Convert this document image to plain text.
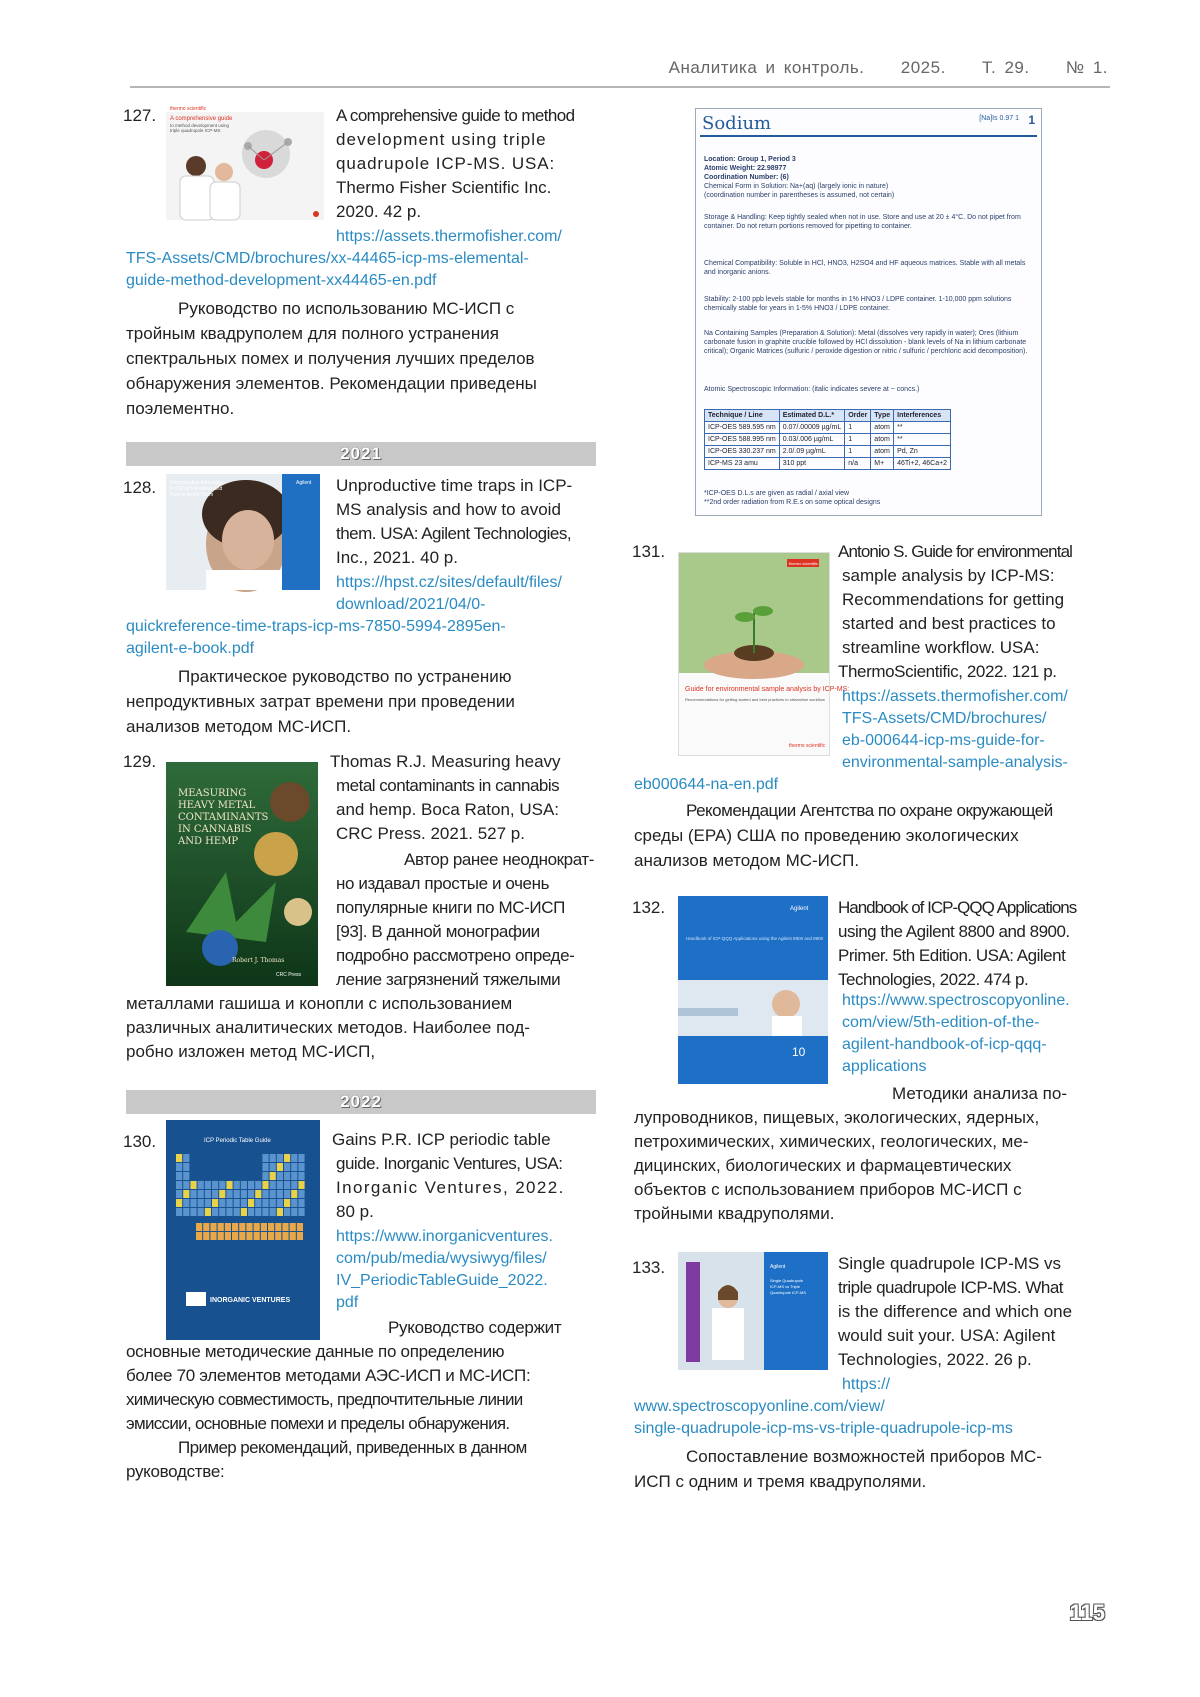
Аналитика и контроль. 2025. Т. 29. № 1.
127.	thermo scientific
A comprehensive guide
to method development using
triple quadrupole ICP-MS
A comprehensive guide to method
development using triple
quadrupole ICP-MS. USA:
Thermo Fisher Scientific Inc.
2020. 42 p.
https://assets.thermofisher.com/
TFS-Assets/CMD/brochures/xx-44465-icp-ms-elemental-
guide-method-development-xx44465-en.pdf
Руководство по использованию МС-ИСП с
тройным квадруполем для полного устранения
спектральных помех и получения лучших пределов
обнаружения элементов. Рекомендации приведены
поэлементно.
2021
128.	Unproductive time traps
in ICP-MS Analysis and
How to Avoid Them
Agilent Unproductive time traps in ICP-
MS analysis and how to avoid
them. USA: Agilent Technologies,
Inc., 2021. 40 p.
https://hpst.cz/sites/default/files/
download/2021/04/0-
quickreference-time-traps-icp-ms-7850-5994-2895en-
agilent-e-book.pdf
Практическое руководство по устранению
непродуктивных затрат времени при проведении
анализов методом МС-ИСП.
129.
MEASURING
HEAVY METAL
CONTAMINANTS
IN CANNABIS
AND HEMP
Robert J. Thomas
CRC Press
Thomas R.J. Measuring heavy
metal contaminants in cannabis
and hemp. Boca Raton, USA:
CRC Press. 2021. 527 p.
Автор ранее неоднократ-
но издавал простые и очень
популярные книги по МС-ИСП
[93]. В данной монографии
подробно рассмотрено опреде-
ление загрязнений тяжелыми
металлами гашиша и конопли с использованием
различных аналитических методов. Наиболее под-
робно изложен метод МС-ИСП,
2022
130.	ICP Periodic Table Guide
INORGANIC VENTURES
Gains P.R. ICP periodic table
guide. Inorganic Ventures, USA:
Inorganic Ventures, 2022.
80 p.
https://www.inorganicventures.
com/pub/media/wysiwyg/files/
IV_PeriodicTableGuide_2022.
pdf
Руководство содержит
основные методические данные по определению
более 70 элементов методами АЭС-ИСП и МС-ИСП:
химическую совместимость, предпочтительные линии
эмиссии, основные помехи и пределы обнаружения.
Пример рекомендаций, приведенных в данном
руководстве:
Sodium	[Na]Is 0.97 1 1
Location: Group 1, Period 3
Atomic Weight: 22.98977
Coordination Number: (6)
Chemical Form in Solution: Na+(aq) (largely ionic in nature)
(coordination number in parentheses is assumed, not certain)
Storage & Handling: Keep tightly sealed when not in use. Store and use at 20 ± 4°C. Do not pipet from container. Do not return portions removed for pipetting to container.
Chemical Compatibility: Soluble in HCl, HNO3, H2SO4 and HF aqueous matrices. Stable with all metals and inorganic anions.
Stability: 2-100 ppb levels stable for months in 1% HNO3 / LDPE container. 1-10,000 ppm solutions chemically stable for years in 1-5% HNO3 / LDPE container.
Na Containing Samples (Preparation & Solution): Metal (dissolves very rapidly in water); Ores (lithium carbonate fusion in graphite crucible followed by HCl dissolution - blank levels of Na in lithium carbonate critical); Organic Matrices (sulfuric / peroxide digestion or nitric / sulfuric / perchloric acid decomposition).
Atomic Spectroscopic Information: (italic indicates severe at ~ concs.)
Technique / Line	Estimated D.L.*	Order	Type	Interferences
ICP-OES 589.595 nm	0.07/.00009 µg/mL	1	atom	**
ICP-OES 588.995 nm	0.03/.006 µg/mL	1	atom	**
ICP-OES 330.237 nm	2.0/.09 µg/mL	1	atom	Pd, Zn
ICP-MS 23 amu	310 ppt	n/a	M+	46Ti+2, 46Ca+2
*ICP-OES D.L.s are given as radial / axial view
**2nd order radiation from R.E.s on some optical designs
131.
thermo scientific
Guide for environmental sample analysis by ICP-MS:
Recommendations for getting started and best practices to streamline workflow
thermo scientific
Antonio S. Guide for environmental
sample analysis by ICP-MS:
Recommendations for getting
started and best practices to
streamline workflow. USA:
ThermoScientific, 2022. 121 p.
https://assets.thermofisher.com/
TFS-Assets/CMD/brochures/
eb-000644-icp-ms-guide-for-
environmental-sample-analysis-
eb000644-na-en.pdf
Рекомендации Агентства по охране окружающей
среды (EPA) США по проведению экологических
анализов методом МС-ИСП.
132.	Agilent
Handbook of ICP-QQQ Applications using the Agilent 8800 and 8900
10
Handbook of ICP-QQQ Applications
using the Agilent 8800 and 8900.
Primer. 5th Edition. USA: Agilent
Technologies, 2022. 474 p.
https://www.spectroscopyonline.
com/view/5th-edition-of-the-
agilent-handbook-of-icp-qqq-
applications
Методики анализа по-
лупроводников, пищевых, экологических, ядерных,
петрохимических, химических, геологических, ме-
дицинских, биологических и фармацевтических
объектов с использованием приборов МС-ИСП с
тройными квадруполями.
133.	Agilent
Single Quadrupole
ICP-MS vs Triple
Quadrupole ICP-MS
Single quadrupole ICP-MS vs
triple quadrupole ICP-MS. What
is the difference and which one
would suit your. USA: Agilent
Technologies, 2022. 26 p.
https://
www.spectroscopyonline.com/view/
single-quadrupole-icp-ms-vs-triple-quadrupole-icp-ms
Сопоставление возможностей приборов МС-
ИСП с одним и тремя квадруполями.
115
